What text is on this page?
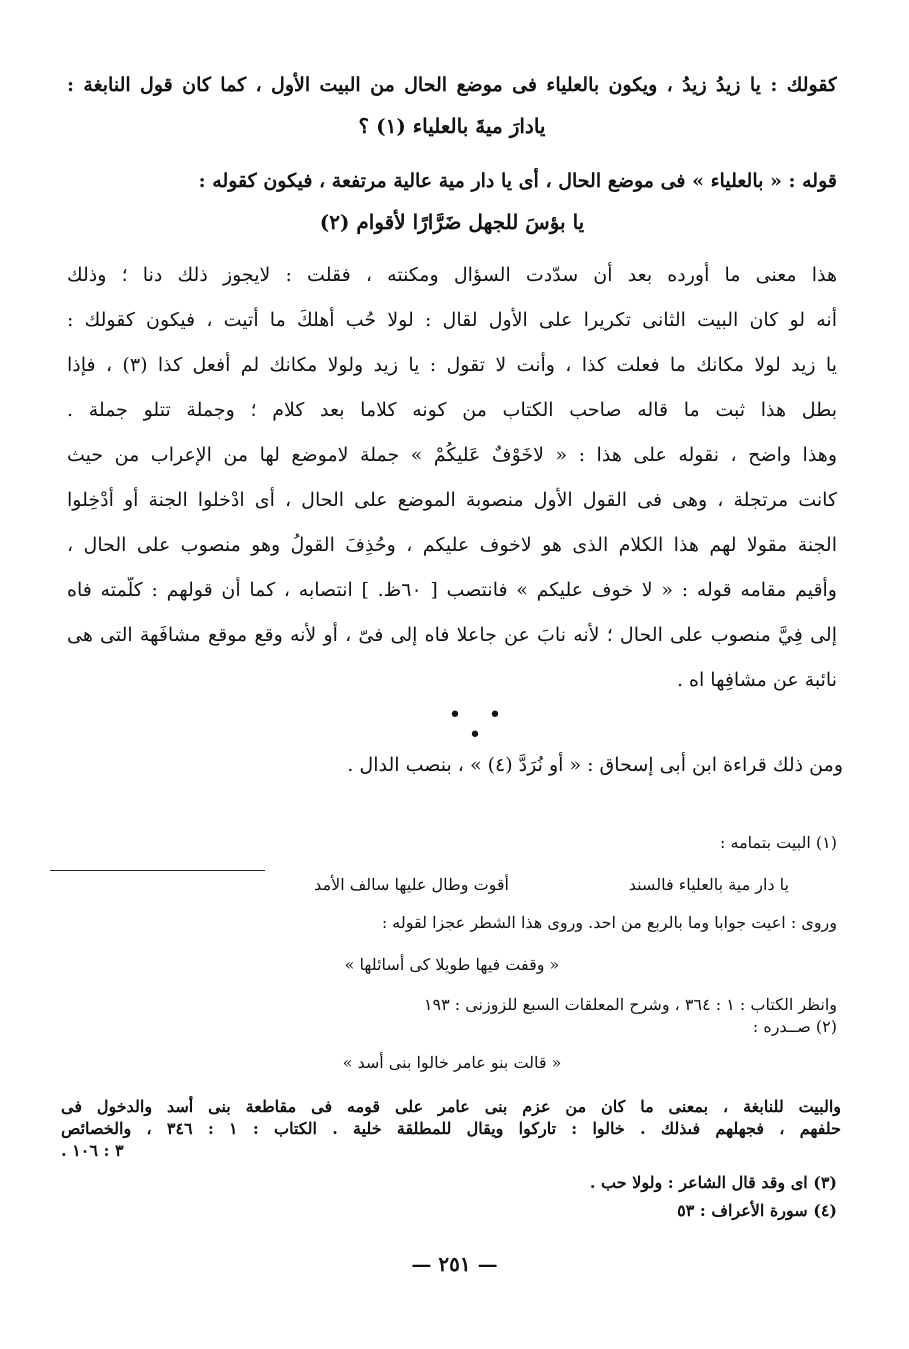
كقولك : يا زيدُ زيدُ ، ويكون بالعلياء فى موضع الحال من البيت الأول ، كما كان قول النابغة :
يادارَ ميةَ بالعلياء (١) ؟
قوله : « بالعلياء » فى موضع الحال ، أى يا دار مية عالية مرتفعة ، فيكون كقوله :
يا بؤسَ للجهل ضَرَّارًا لأقوام (٢)
هذا معنى ما أورده بعد أن سدّدت السؤال ومكنته ، فقلت : لايجوز ذلك دنا ؛ وذلك
أنه لو كان البيت الثانى تكريرا على الأول لقال : لولا حُب أهلكَ ما أتيت ، فيكون كقولك :
يا زيد لولا مكانك ما فعلت كذا ، وأنت لا تقول : يا زيد ولولا مكانك لم أفعل كذا (٣) ، فإذا
بطل هذا ثبت ما قاله صاحب الكتاب من كونه كلاما بعد كلام ؛ وجملة تتلو جملة .
وهذا واضح ، نقوله على هذا : « لاخَوْفٌ عَليكُمْ » جملة لاموضع لها من الإعراب من حيث
كانت مرتجلة ، وهى فى القول الأول منصوبة الموضع على الحال ، أى ادْخلوا الجنة أو أُدْخِلوا
الجنة مقولا لهم هذا الكلام الذى هو لاخوف عليكم ، وحُذِفَ القولُ وهو منصوب على الحال ،
وأُقيم مقامه قوله : « لا خوف عليكم » فانتصب [ ٦٠ظ. ] انتصابه ، كما أن قولهم : كلّمته فاه
إلى فِيَّ منصوب على الحال ؛ لأنه نابَ عن جاعلا فاه إلى فىّ ، أو لأنه وقع موقع مشافَهة التى هى
نائبة عن مشافِها اه .
• • •
ومن ذلك قراءة ابن أبى إسحاق : « أو نُرَدَّ (٤) » ، بنصب الدال .
(١) البيت بتمامه :
يا دار مية بالعلياء فالسند
أقوت وطال عليها سالف الأمد
وروى : اعيت جوابا وما بالربع من احد. وروى هذا الشطر عجزا لقوله :
« وقفت فيها طويلا كى أسائلها »
وانظر الكتاب : ١ : ٣٦٤ ، وشرح المعلقات السبع للزوزنى : ١٩٣
(٢) صــدره :
« قالت بنو عامر خالوا بنى أسد »
والبيت للنابغة ، بمعنى ما كان من عزم بنى عامر على قومه فى مقاطعة بنى أسد والدخول فى
حلفهم ، فجهلهم فىذلك . خالوا : تاركوا ويقال للمطلقة خلية . الكتاب : ١ : ٣٤٦ ، والخصائص
٣ : ١٠٦ .
(٣) اى وقد قال الشاعر : ولولا حب .
(٤) سورة الأعراف : ٥٣
— ٢٥١ —
